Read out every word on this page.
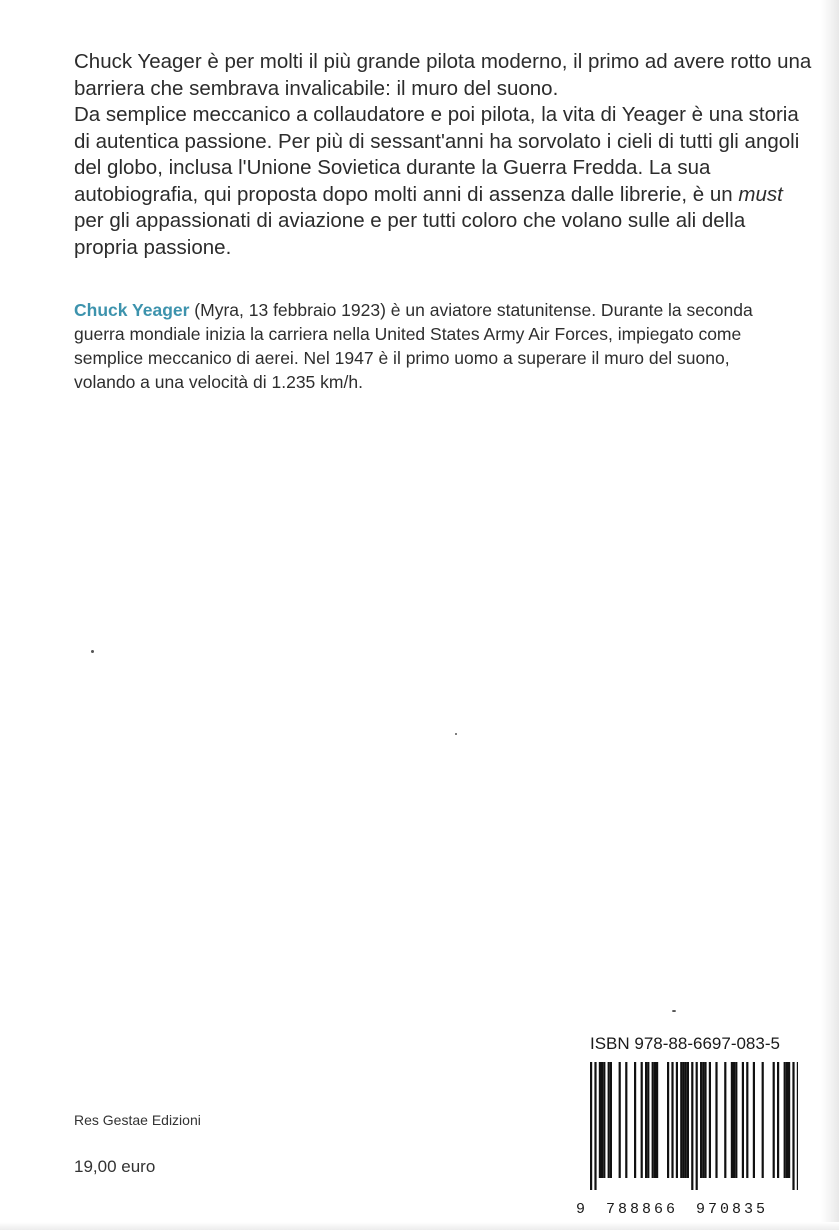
Chuck Yeager è per molti il più grande pilota moderno, il primo ad avere rotto una barriera che sembrava invalicabile: il muro del suono.
Da semplice meccanico a collaudatore e poi pilota, la vita di Yeager è una storia di autentica passione. Per più di sessant'anni ha sorvolato i cieli di tutti gli angoli del globo, inclusa l'Unione Sovietica durante la Guerra Fredda. La sua autobiografia, qui proposta dopo molti anni di assenza dalle librerie, è un must per gli appassionati di aviazione e per tutti coloro che volano sulle ali della propria passione.

Chuck Yeager (Myra, 13 febbraio 1923) è un aviatore statunitense. Durante la seconda guerra mondiale inizia la carriera nella United States Army Air Forces, impiegato come semplice meccanico di aerei. Nel 1947 è il primo uomo a superare il muro del suono, volando a una velocità di 1.235 km/h.

Res Gestae Edizioni
19,00 euro
ISBN 978-88-6697-083-5
9 788866 970835
